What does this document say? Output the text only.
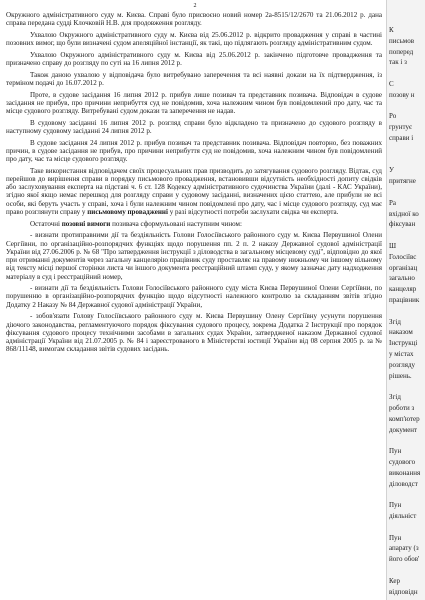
2

Окружного адміністративного суду м. Києва. Справі було присвоєно новий номер 2а-8515/12/2670 та 21.06.2012 р. дана справа передана судді Клочковій Н.В. для продовження розгляду.

Ухвалою Окружного адміністративного суду м. Києва від 25.06.2012 р. відкрито провадження у справі в частині позовних вимог, що були визначені судом апеляційної інстанції, як такі, що підлягають розгляду адміністративним судом.

Ухвалою Окружного адміністративного суду м. Києва від 25.06.2012 р. закінчено підготовче провадження та призначено справу до розгляду по суті на 16 липня 2012 р.

Також даною ухвалою у відповідача було витребувано заперечення та всі наявні докази на їх підтвердження, із терміном подачі до 16.07.2012 р.

Проте, в судове засідання 16 липня 2012 р. прибув лише позивач та представник позивача. Відповідач в судове засідання не прибув, про причини неприбуття суд не повідомив, хоча належним чином був повідомлений про дату, час та місце судового розгляду. Витребувані судом докази та заперечення не надав.

В судовому засіданні 16 липня 2012 р. розгляд справи було відкладено та призначено до судового розгляду в наступному судовому засіданні 24 липня 2012 р.

В судове засідання 24 липня 2012 р. прибув позивач та представник позивача. Відповідач повторно, без поважних причин, в судове засідання не прибув, про причини неприбуття суд не повідомив, хоча належним чином був повідомлений про дату, час та місце судового розгляду.

Таке використання відповідачем своїх процесуальних прав призводить до затягування судового розгляду. Відтак, суд перейшов до вирішення справи в порядку письмового провадження, встановивши відсутність необхідності допиту свідків або заслуховування експерта на підставі ч. 6 ст. 128 Кодексу адміністративного судочинства України (далі - КАС України), згідно якої якщо немає перешкод для розгляду справи у судовому засіданні, визначених цією статтею, але прибули не всі особи, які беруть участь у справі, хоча і були належним чином повідомлені про дату, час і місце судового розгляду, суд має право розглянути справу у письмовому провадженні у разі відсутності потреби заслухати свідка чи експерта.

Остаточні позовні вимоги позивача сформульовані наступним чином:

- визнати протиправними дії та бездіяльність Голови Голосіївського районного суду м. Києва Первушиної Олени Сергіївни, по організаційно-розпорядчих функціях щодо порушення пп. 2 п. 2 наказу Державної судової адміністрації України від 27.06.2006 р. № 68 "Про затвердження інструкції з діловодства в загальному місцевому суді", відповідно до якої при отриманні документів через загальну канцелярію працівник суду проставляє на правому нижньому чи іншому вільному від тексту місці першої сторінки листа чи іншого документа реєстраційний штамп суду, у якому зазначає дату надходження матеріалу в суд і реєстраційний номер,

- визнати дії та бездіяльність Голови Голосіївського районного суду міста Києва Первушиної Олени Сергіївни, по порушенню в організаційно-розпорядчих функцію щодо відсутності належного контролю за складанням звітів згідно Додатку 2 Наказу № 84 Державної судової адміністрації України,

- зобов'язати Голову Голосіївського районного суду м. Києва Первушину Олену Сергіївну усунути порушення діючого законодавства, регламентуючого порядок фіксування судового процесу, зокрема Додатка 2 Інструкції про порядок фіксування судового процесу технічними засобами в загальних судах України, затвердженої наказом Державної судової адміністрації України від 21.07.2005 р. № 84 і зареєстрованого в Міністерстві юстиції України від 08 серпня 2005 р. за № 868/11148, вимогам складання звітів судових засідань.

К
письмов
поперед
так і з
С
позову н
Ро
грунтує
справи і
У
притягне
Ра
вхідної ко
фіксуван
Ш
Голосіївс
організац
загально
канцеляр
працівник
Згід
наказом
Інструкці
у містах
розгляду
рішень.
Згід
роботи з
комп'ютер
документ
Пун
судового
виконання
діловодст
Пун
діяльніст
Пун
апарату (з
його обов'
Кер
відповідн
